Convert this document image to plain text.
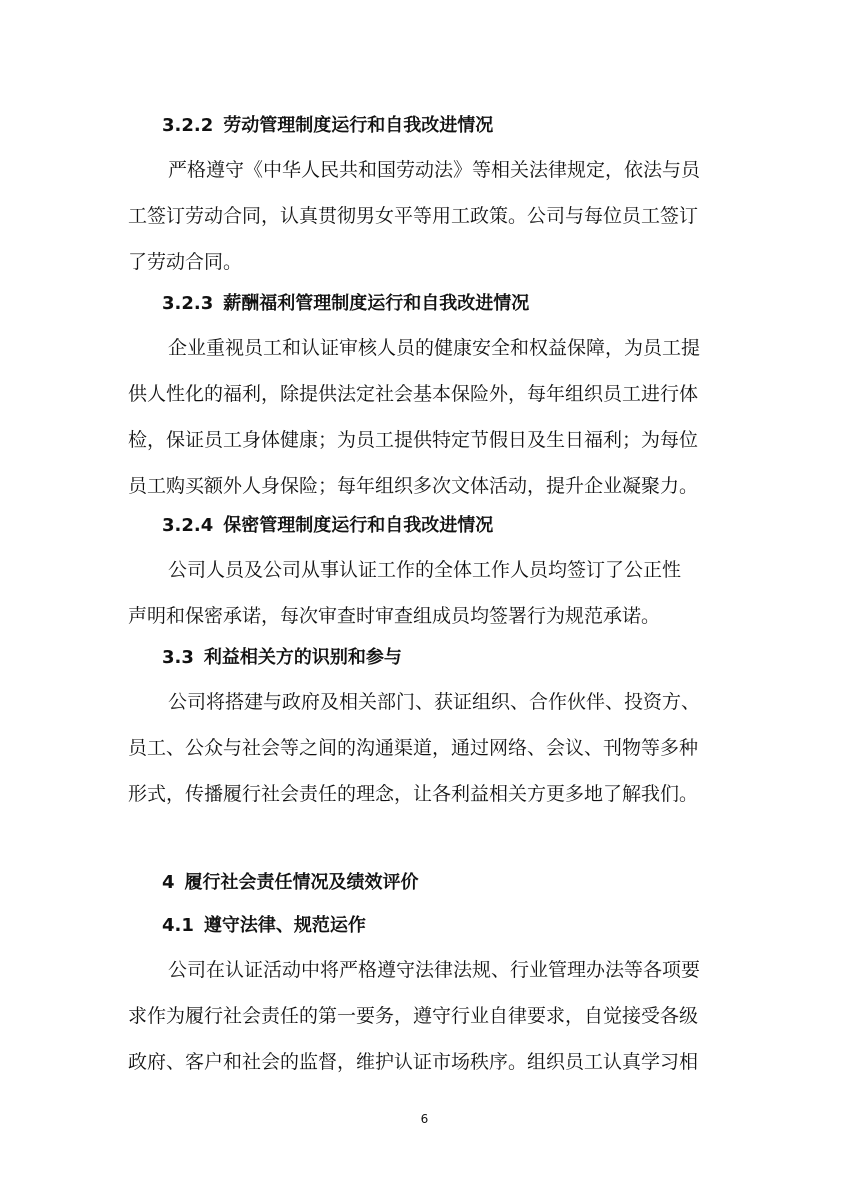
3.2.2 劳动管理制度运行和自我改进情况
严格遵守《中华人民共和国劳动法》等相关法律规定，依法与员
工签订劳动合同，认真贯彻男女平等用工政策。公司与每位员工签订
了劳动合同。
3.2.3 薪酬福利管理制度运行和自我改进情况
企业重视员工和认证审核人员的健康安全和权益保障，为员工提
供人性化的福利，除提供法定社会基本保险外，每年组织员工进行体
检，保证员工身体健康；为员工提供特定节假日及生日福利；为每位
员工购买额外人身保险；每年组织多次文体活动，提升企业凝聚力。
3.2.4 保密管理制度运行和自我改进情况
公司人员及公司从事认证工作的全体工作人员均签订了公正性
声明和保密承诺，每次审查时审查组成员均签署行为规范承诺。
3.3 利益相关方的识别和参与
公司将搭建与政府及相关部门、获证组织、合作伙伴、投资方、
员工、公众与社会等之间的沟通渠道，通过网络、会议、刊物等多种
形式，传播履行社会责任的理念，让各利益相关方更多地了解我们。
4 履行社会责任情况及绩效评价
4.1 遵守法律、规范运作
公司在认证活动中将严格遵守法律法规、行业管理办法等各项要
求作为履行社会责任的第一要务，遵守行业自律要求，自觉接受各级
政府、客户和社会的监督，维护认证市场秩序。组织员工认真学习相
6
